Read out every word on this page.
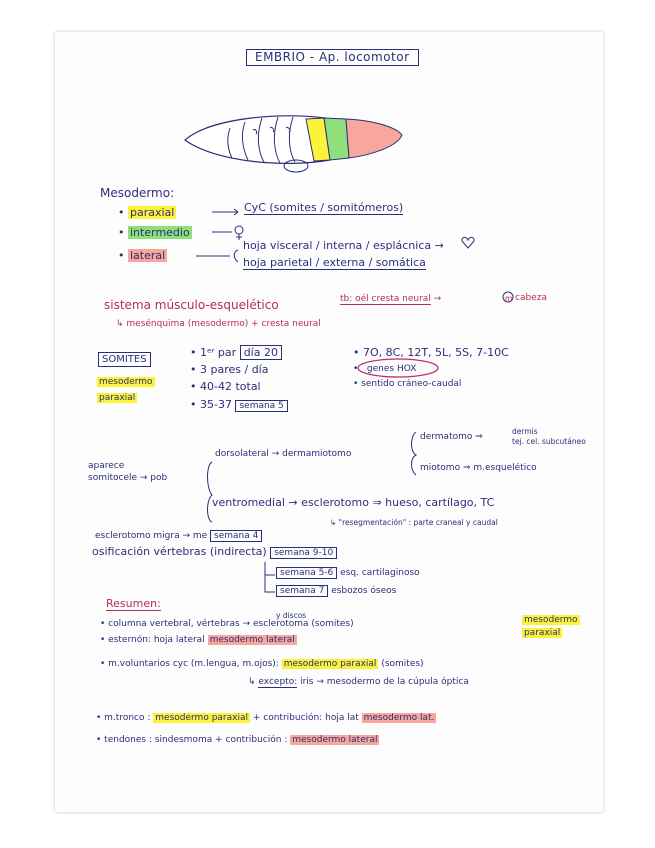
EMBRIO - Ap. locomotor
Mesodermo:
• paraxial	CyC (somites / somitómeros)
• intermedio
• lateral
hoja visceral / interna / esplácnica →
hoja parietal / externa / somática
sistema músculo-esquelético
↳ mesénquima (mesodermo) + cresta neural
tb: oél cresta neural →	m cabeza
SOMITES
mesodermo
paraxial
• 1ᵉʳ par día 20
• 3 pares / día
• 40-42 total
• 35-37 semana 5
• 7O, 8C, 12T, 5L, 5S, 7-10C
•   genes HOX
• sentido cráneo-caudal
aparece
somitocele → pob
dorsolateral → dermamiotomo
dermatomo ⇒
dermis
tej. cel. subcutáneo
miotomo ⇒ m.esquelético
ventromedial → esclerotomo ⇒ hueso, cartílago, TC
↳ "resegmentación" : parte craneal y caudal
esclerotomo migra → me semana 4
osificación vértebras (indirecta) semana 9-10
semana 5-6 esq. cartilaginoso
semana 7 esbozos óseos
Resumen:
• columna vertebral, vértebras → esclerotoma (somites)
y discos	mesodermo
paraxial
• esternón: hoja lateral mesodermo lateral
• m.voluntarios cyc (m.lengua, m.ojos): mesodermo paraxial (somites)
↳ excepto: iris → mesodermo de la cúpula óptica
• m.tronco : mesodermo paraxial + contribución: hoja lat mesodermo lat.
• tendones : sindesmoma + contribución : mesodermo lateral
